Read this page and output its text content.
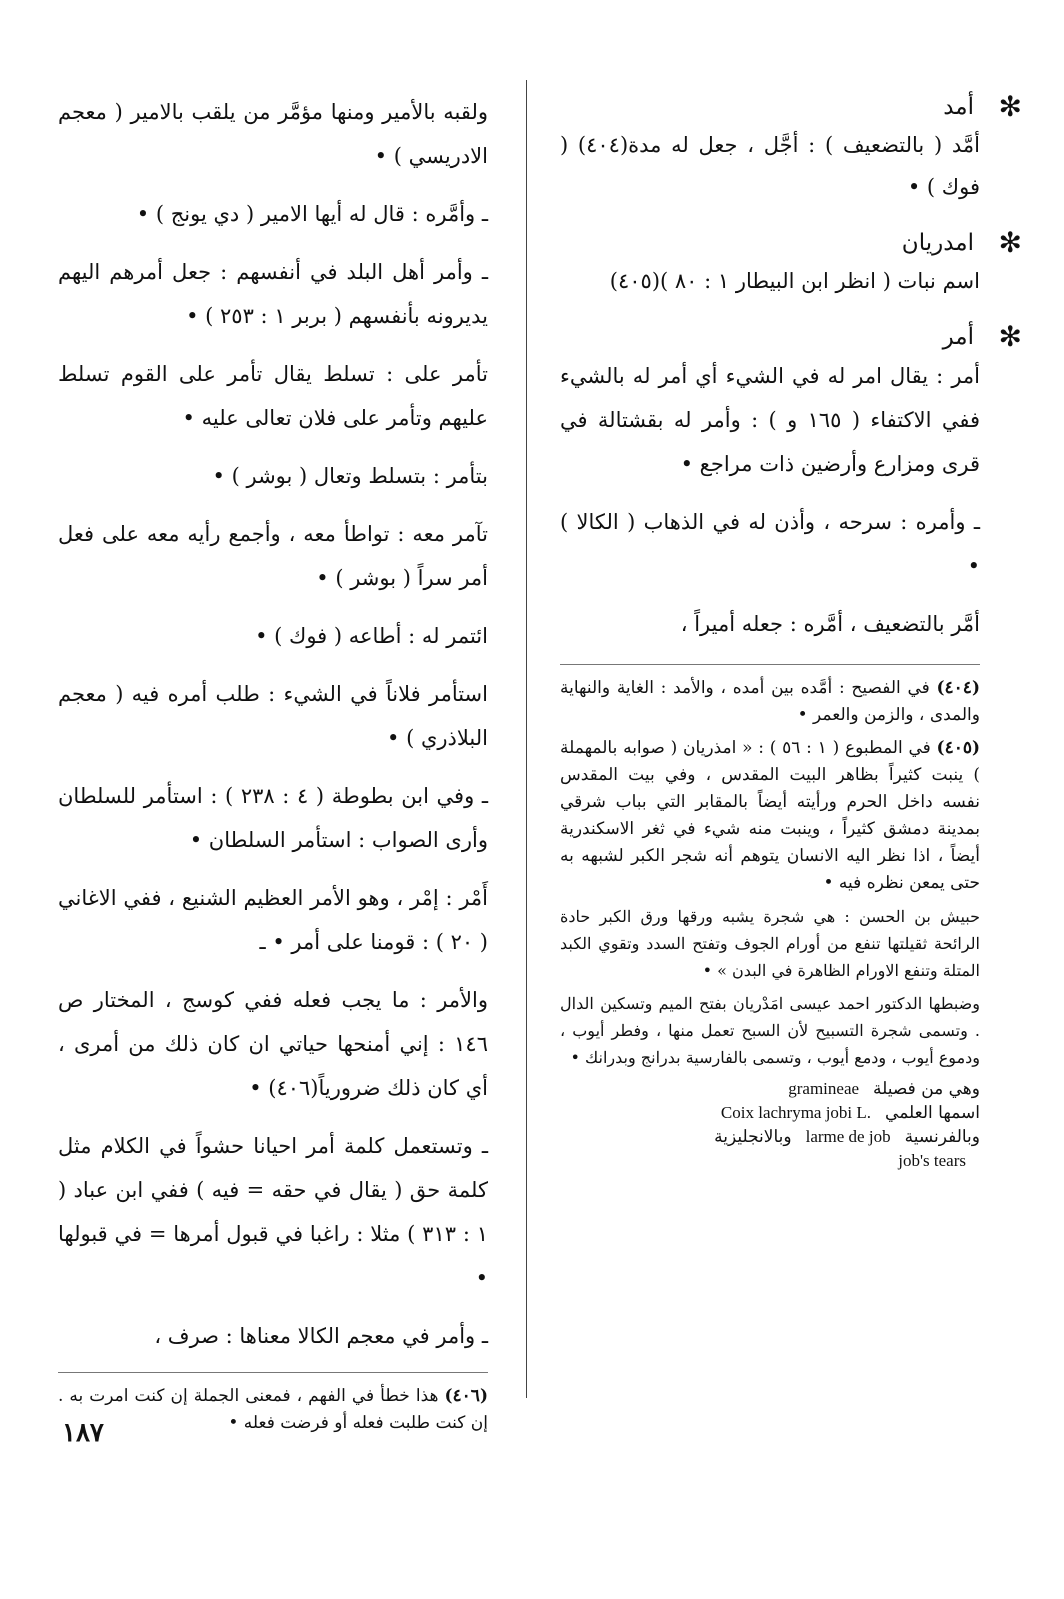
✻
أمد

أمَّد ( بالتضعيف ) : أجَّل ، جعل له مدة(٤٠٤) ( فوك ) •

✻
امدريان

اسم نبات ( انظر ابن البيطار ١ : ٨٠ )(٤٠٥)

✻
أمر

أمر : يقال امر له في الشيء أي أمر له بالشيء ففي الاكتفاء ( ١٦٥ و ) : وأمر له بقشتالة في قرى ومزارع وأرضين ذات مراجع •

ـ وأمره : سرحه ، وأذن له في الذهاب ( الكالا ) •

أمَّر بالتضعيف ، أمَّره : جعله أميراً ،

(٤٠٤) في الفصيح : أمَّده بين أمده ، والأمد : الغاية والنهاية والمدى ، والزمن والعمر •

(٤٠٥) في المطبوع ( ١ : ٥٦ ) : « امذريان ( صوابه بالمهملة ) ينبت كثيراً بظاهر البيت المقدس ، وفي بيت المقدس نفسه داخل الحرم ورأيته أيضاً بالمقابر التي بباب شرقي بمدينة دمشق كثيراً ، وينبت منه شيء في ثغر الاسكندرية أيضاً ، اذا نظر اليه الانسان يتوهم أنه شجر الكبر لشبهه به حتى يمعن نظره فيه •

حبيش بن الحسن : هي شجرة يشبه ورقها ورق الكبر حادة الرائحة ثقيلتها تنفع من أورام الجوف وتفتح السدد وتقوي الكبد المتلة وتنفع الاورام الظاهرة في البدن » •

وضبطها الدكتور احمد عيسى امَدْريان بفتح الميم وتسكين الدال . وتسمى شجرة التسبيح لأن السبح تعمل منها ، وفطر أيوب ، ودموع أيوب ، ودمع أيوب ، وتسمى بالفارسية بدرانج وبدرانك •

وهي من فصيلة
gramineae
اسمها العلمي
Coix lachryma jobi L.
وبالفرنسية
larme de job
وبالانجليزية
job's tears

ولقبه بالأمير ومنها مؤمَّر من يلقب بالامير ( معجم الادريسي ) •

ـ وأمَّره : قال له أيها الامير ( دي يونج ) •

ـ وأمر أهل البلد في أنفسهم : جعل أمرهم اليهم يديرونه بأنفسهم ( بربر ١ : ٢٥٣ ) •

تأمر على : تسلط يقال تأمر على القوم تسلط عليهم وتأمر على فلان تعالى عليه •

بتأمر : بتسلط وتعال ( بوشر ) •

تآمر معه : تواطأ معه ، وأجمع رأيه معه على فعل أمر سراً ( بوشر ) •

ائتمر له : أطاعه ( فوك ) •

استأمر فلاناً في الشيء : طلب أمره فيه ( معجم البلاذري ) •

ـ وفي ابن بطوطة ( ٤ : ٢٣٨ ) : استأمر للسلطان وأرى الصواب : استأمر السلطان •

أَمْر : إمْر ، وهو الأمر العظيم الشنيع ، ففي الاغاني ( ٢٠ ) : قومنا على أمر • ـ

والأمر : ما يجب فعله ففي كوسج ، المختار ص ١٤٦ : إني أمنحها حياتي ان كان ذلك من أمرى ، أي كان ذلك ضرورياً(٤٠٦) •

ـ وتستعمل كلمة أمر احيانا حشواً في الكلام مثل كلمة حق ( يقال في حقه = فيه ) ففي ابن عباد ( ١ : ٣١٣ ) مثلا : راغبا في قبول أمرها = في قبولها •

ـ وأمر في معجم الكالا معناها : صرف ،

(٤٠٦) هذا خطأ في الفهم ، فمعنى الجملة إن كنت امرت به . إن كنت طلبت فعله أو فرضت فعله •

١٨٧
